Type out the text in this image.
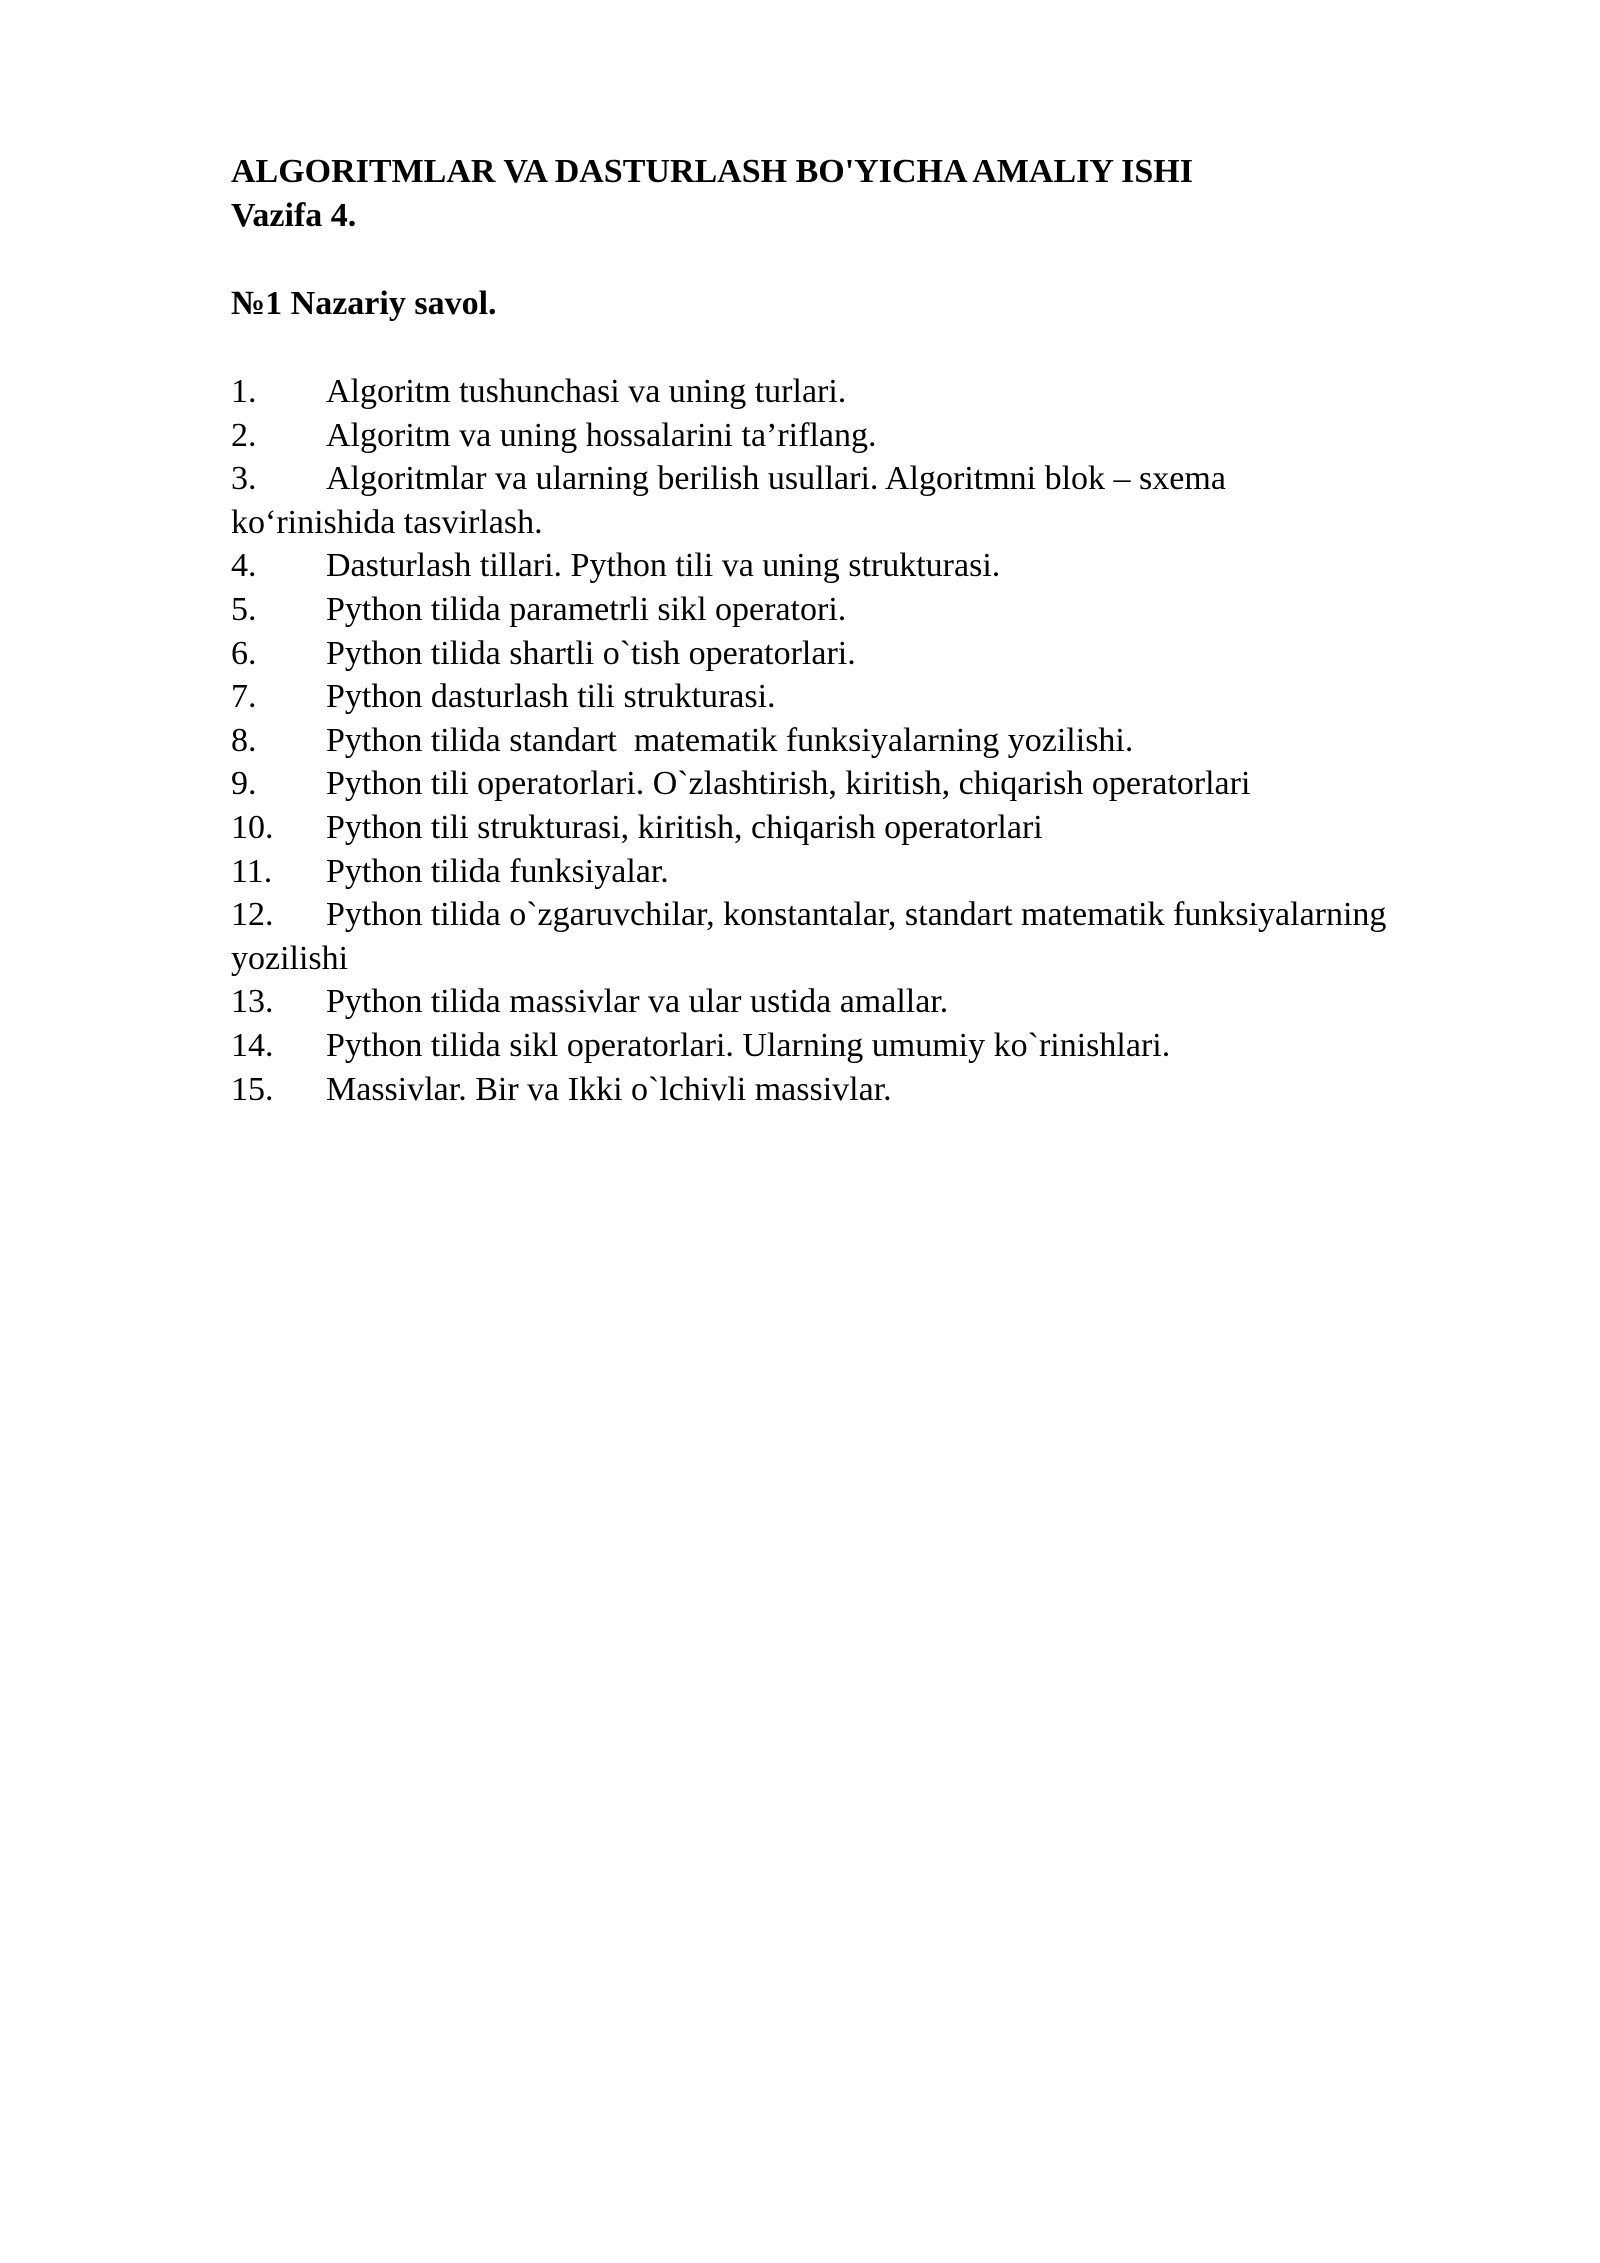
ALGORITMLAR VA DASTURLASH BO'YICHA AMALIY ISHI

Vazifa 4.

№1 Nazariy savol.

1. Algoritm tushunchasi va uning turlari.
2. Algoritm va uning hossalarini ta’riflang.
3. Algoritmlar va ularning berilish usullari. Algoritmni blok – sxema ko‘rinishida tasvirlash.
4. Dasturlash tillari. Python tili va uning strukturasi.
5. Python tilida parametrli sikl operatori.
6. Python tilida shartli o`tish operatorlari.
7. Python dasturlash tili strukturasi.
8. Python tilida standart  matematik funksiyalarning yozilishi.
9. Python tili operatorlari. O`zlashtirish, kiritish, chiqarish operatorlari
10. Python tili strukturasi, kiritish, chiqarish operatorlari
11. Python tilida funksiyalar.
12. Python tilida o`zgaruvchilar, konstantalar, standart matematik funksiyalarning yozilishi
13. Python tilida massivlar va ular ustida amallar.
14. Python tilida sikl operatorlari. Ularning umumiy ko`rinishlari.
15. Massivlar. Bir va Ikki o`lchivli massivlar.
